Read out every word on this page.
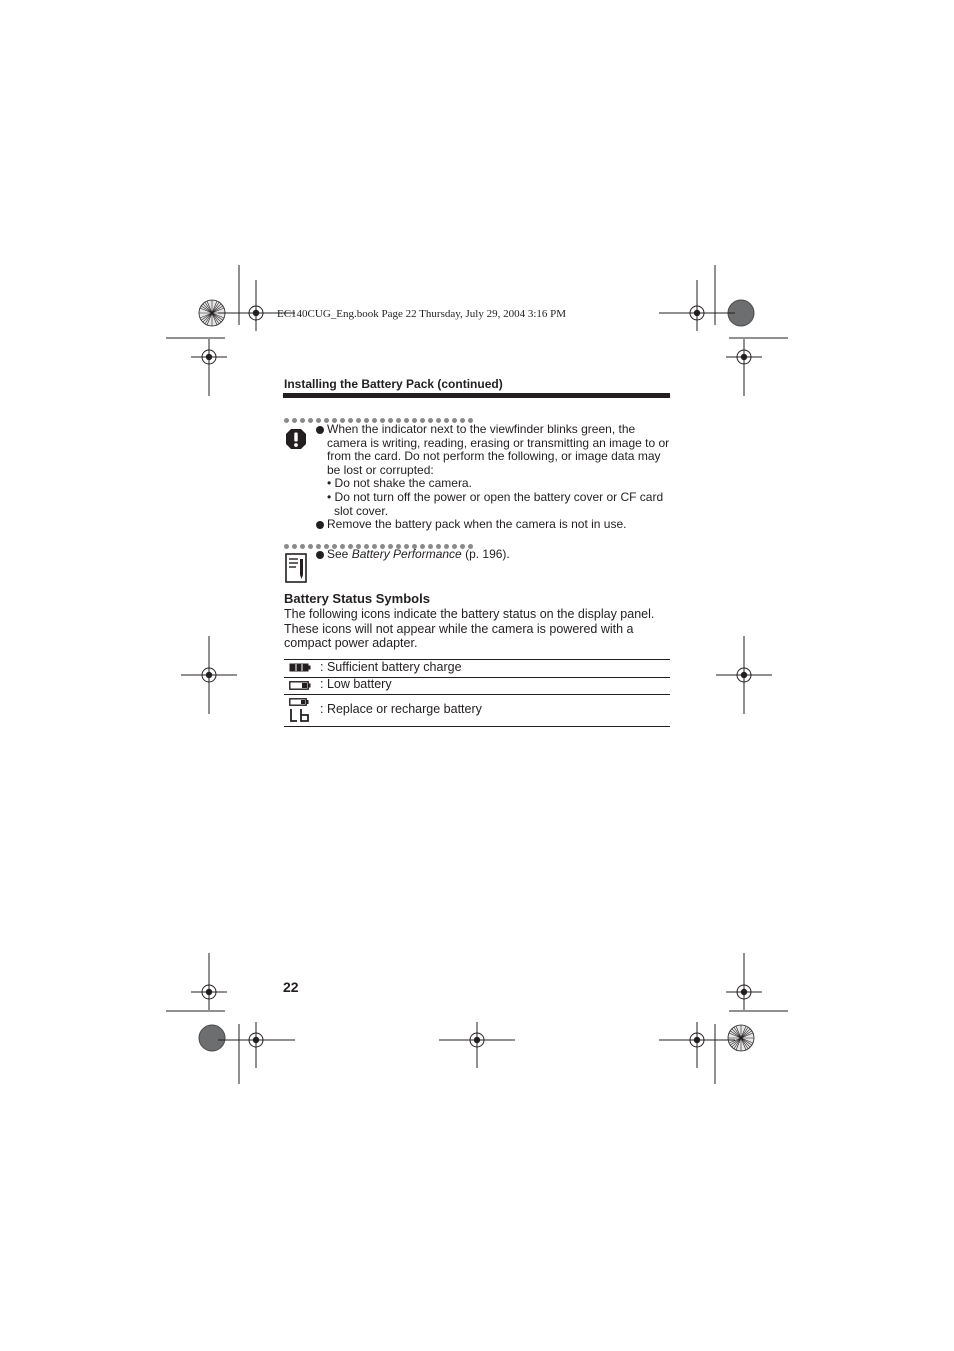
EC140CUG_Eng.book Page 22 Thursday, July 29, 2004 3:16 PM
Installing the Battery Pack (continued)
When the indicator next to the viewfinder blinks green, the
camera is writing, reading, erasing or transmitting an image to or
from the card. Do not perform the following, or image data may
be lost or corrupted:
• Do not shake the camera.
• Do not turn off the power or open the battery cover or CF card
slot cover.
Remove the battery pack when the camera is not in use.
See Battery Performance (p. 196).
Battery Status Symbols
The following icons indicate the battery status on the display panel. These icons will not appear while the camera is powered with a compact power adapter.
: Sufficient battery charge
: Low battery
: Replace or recharge battery
22
